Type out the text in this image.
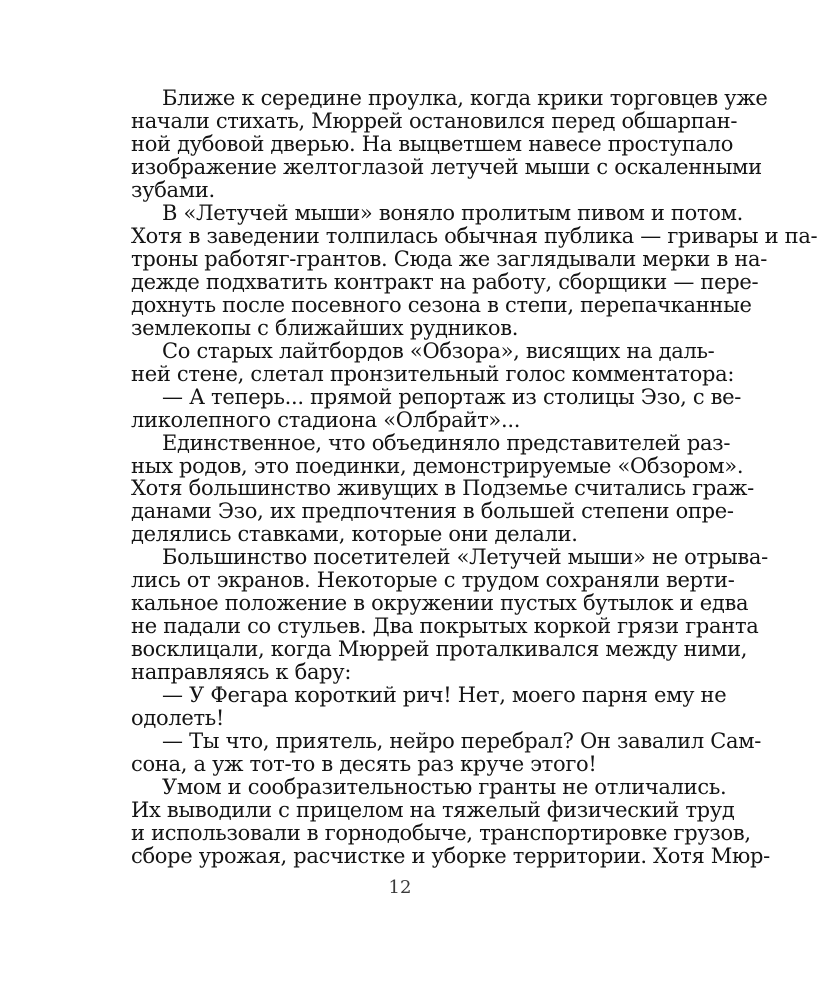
Ближе к середине проулка, когда крики торговцев уже
начали стихать, Мюррей остановился перед обшарпан-
ной дубовой дверью. На выцветшем навесе проступало
изображение желтоглазой летучей мыши с оскаленными
зубами.
В «Летучей мыши» воняло пролитым пивом и потом.
Хотя в заведении толпилась обычная публика — гривары и па-
троны работяг-грантов. Сюда же заглядывали мерки в на-
дежде подхватить контракт на работу, сборщики — пере-
дохнуть после посевного сезона в степи, перепачканные
землекопы с ближайших рудников.
Со старых лайтбордов «Обзора», висящих на даль-
ней стене, слетал пронзительный голос комментатора:
— А теперь... прямой репортаж из столицы Эзо, с ве-
ликолепного стадиона «Олбрайт»...
Единственное, что объединяло представителей раз-
ных родов, это поединки, демонстрируемые «Обзором».
Хотя большинство живущих в Подземье считались граж-
данами Эзо, их предпочтения в большей степени опре-
делялись ставками, которые они делали.
Большинство посетителей «Летучей мыши» не отрыва-
лись от экранов. Некоторые с трудом сохраняли верти-
кальное положение в окружении пустых бутылок и едва
не падали со стульев. Два покрытых коркой грязи гранта
восклицали, когда Мюррей проталкивался между ними,
направляясь к бару:
— У Фегара короткий рич! Нет, моего парня ему не
одолеть!
— Ты что, приятель, нейро перебрал? Он завалил Сам-
сона, а уж тот-то в десять раз круче этого!
12
Умом и сообразительностью гранты не отличались.
Их выводили с прицелом на тяжелый физический труд
и использовали в горнодобыче, транспортировке грузов,
сборе урожая, расчистке и уборке территории. Хотя Мюр-
